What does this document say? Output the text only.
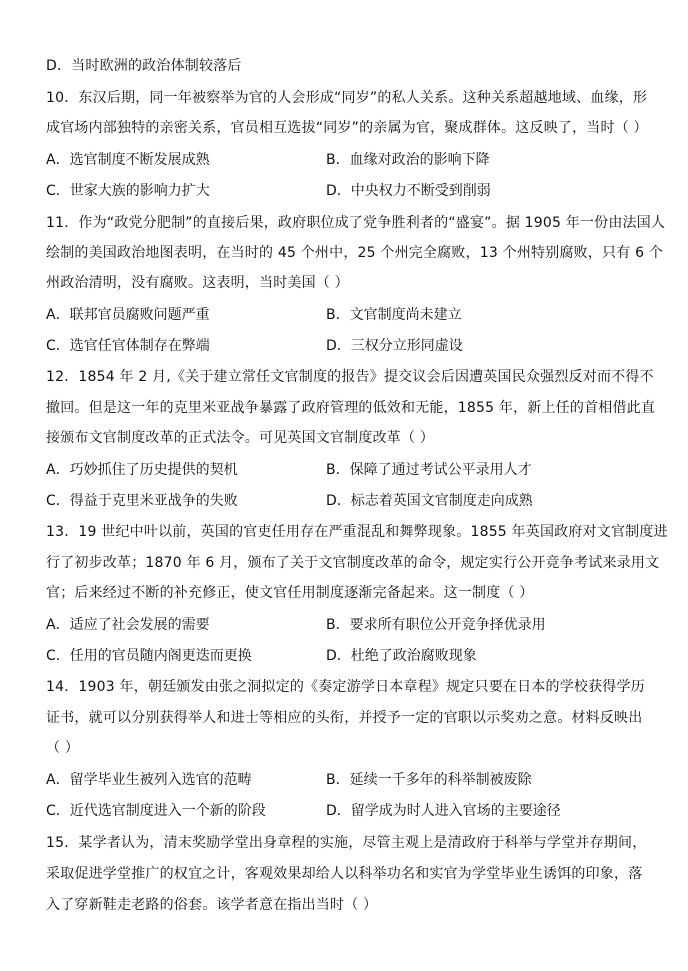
D．当时欧洲的政治体制较落后
10．东汉后期，同一年被察举为官的人会形成“同岁”的私人关系。这种关系超越地域、血缘，形
成官场内部独特的亲密关系，官员相互选拔“同岁”的亲属为官，聚成群体。这反映了，当时（ ）
A．选官制度不断发展成熟	B．血缘对政治的影响下降
C．世家大族的影响力扩大	D．中央权力不断受到削弱
11．作为“政党分肥制”的直接后果，政府职位成了党争胜利者的“盛宴”。据 1905 年一份由法国人
绘制的美国政治地图表明，在当时的 45 个州中，25 个州完全腐败，13 个州特别腐败，只有 6 个
州政治清明，没有腐败。这表明，当时美国（ ）
A．联邦官员腐败问题严重	B．文官制度尚未建立
C．选官任官体制存在弊端	D．三权分立形同虚设
12．1854 年 2 月,《关于建立常任文官制度的报告》提交议会后因遭英国民众强烈反对而不得不
撤回。但是这一年的克里米亚战争暴露了政府管理的低效和无能，1855 年，新上任的首相借此直
接颁布文官制度改革的正式法令。可见英国文官制度改革（ ）
A．巧妙抓住了历史提供的契机	B．保障了通过考试公平录用人才
C．得益于克里米亚战争的失败	D．标志着英国文官制度走向成熟
13．19 世纪中叶以前，英国的官吏任用存在严重混乱和舞弊现象。1855 年英国政府对文官制度进
行了初步改革；1870 年 6 月，颁布了关于文官制度改革的命令，规定实行公开竞争考试来录用文
官；后来经过不断的补充修正，使文官任用制度逐渐完备起来。这一制度（ ）
A．适应了社会发展的需要	B．要求所有职位公开竞争择优录用
C．任用的官员随内阁更迭而更换	D．杜绝了政治腐败现象
14．1903 年，朝廷颁发由张之洞拟定的《奏定游学日本章程》规定只要在日本的学校获得学历
证书，就可以分别获得举人和进士等相应的头衔，并授予一定的官职以示奖劝之意。材料反映出
（ ）
A．留学毕业生被列入选官的范畴	B．延续一千多年的科举制被废除
C．近代选官制度进入一个新的阶段	D．留学成为时人进入官场的主要途径
15．某学者认为，清末奖励学堂出身章程的实施，尽管主观上是清政府于科举与学堂并存期间，
采取促进学堂推广的权宜之计，客观效果却给人以科举功名和实官为学堂毕业生诱饵的印象，落
入了穿新鞋走老路的俗套。该学者意在指出当时（ ）
